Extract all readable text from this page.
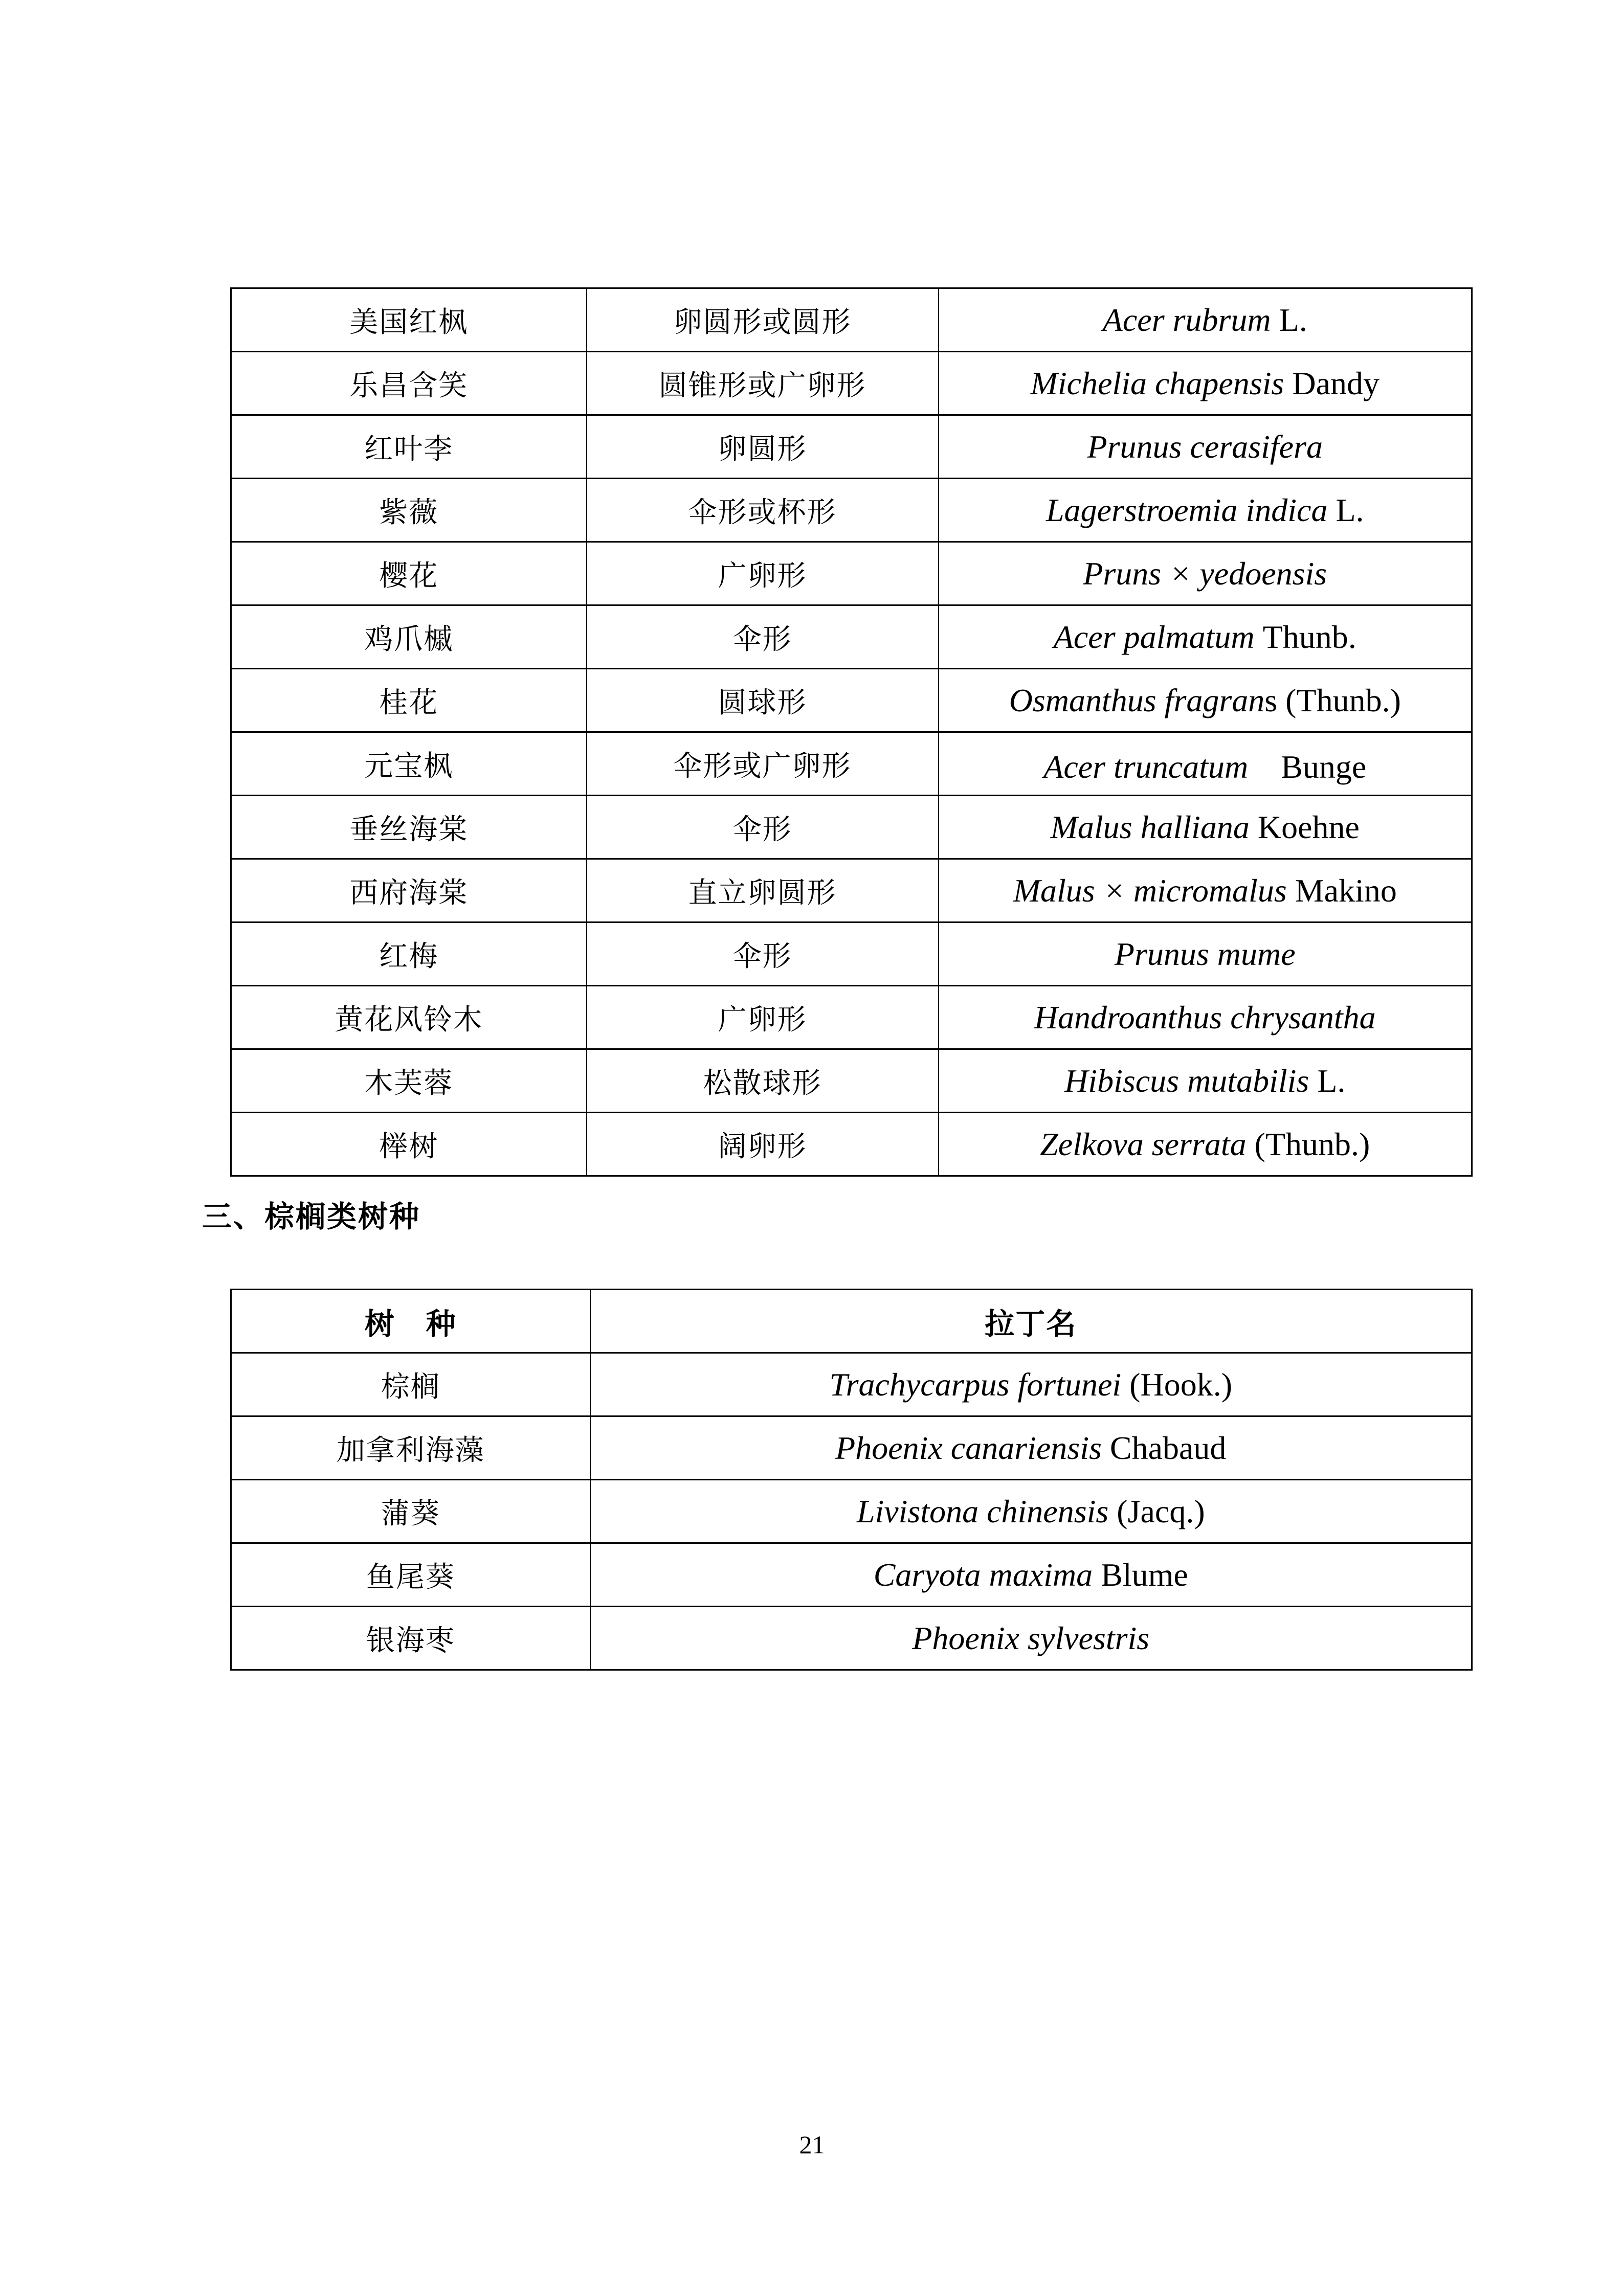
美国红枫	卵圆形或圆形	Acer rubrum L.
乐昌含笑	圆锥形或广卵形	Michelia chapensis Dandy
红叶李	卵圆形	Prunus cerasifera
紫薇	伞形或杯形	Lagerstroemia indica L.
樱花	广卵形	Pruns × yedoensis
鸡爪槭	伞形	Acer palmatum Thunb.
桂花	圆球形	Osmanthus fragrans (Thunb.)
元宝枫	伞形或广卵形	Acer truncatum　Bunge
垂丝海棠	伞形	Malus halliana Koehne
西府海棠	直立卵圆形	Malus × micromalus Makino
红梅	伞形	Prunus mume
黄花风铃木	广卵形	Handroanthus chrysantha
木芙蓉	松散球形	Hibiscus mutabilis L.
榉树	阔卵形	Zelkova serrata (Thunb.)
三、棕榈类树种
树　种	拉丁名
棕榈	Trachycarpus fortunei (Hook.)
加拿利海藻	Phoenix canariensis Chabaud
蒲葵	Livistona chinensis (Jacq.)
鱼尾葵	Caryota maxima Blume
银海枣	Phoenix sylvestris
21
